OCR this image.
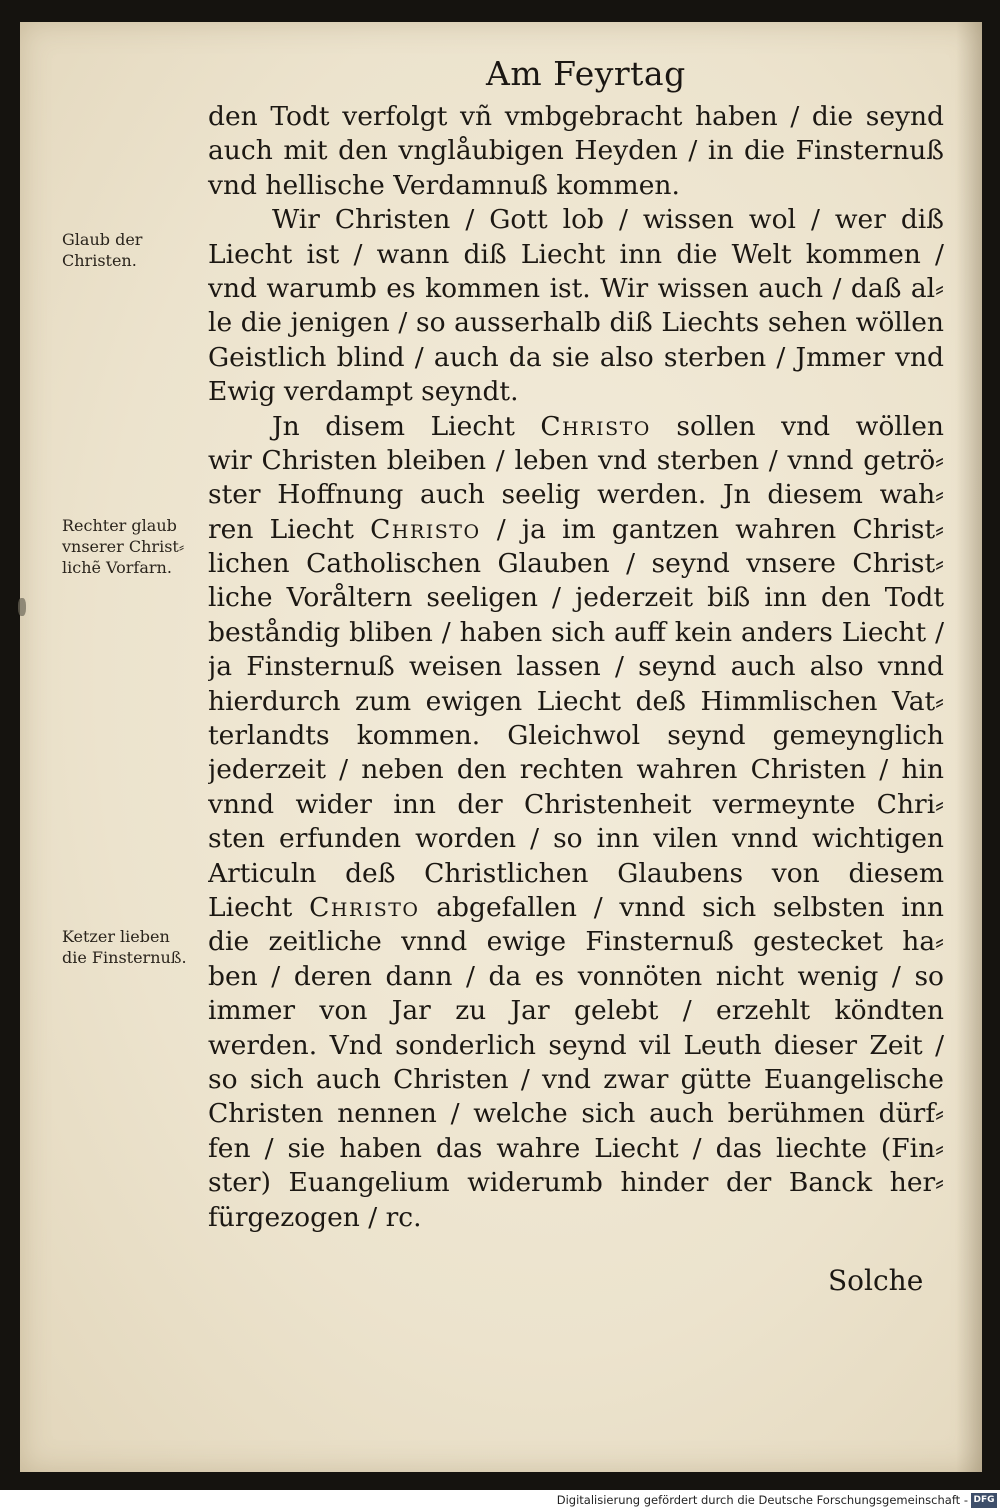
Am Feyrtag
Glaub der
Christen.
Rechter glaub
vnserer Christ⸗
lichẽ Vorfarn.
Ketzer lieben
die Finsternuß.
den Todt verfolgt vñ vmbgebracht haben / die seynd
auch mit den vnglåubigen Heyden / in die Finsternuß
vnd hellische Verdamnuß kommen.
Wir Christen / Gott lob / wissen wol / wer diß
Liecht ist / wann diß Liecht inn die Welt kommen /
vnd warumb es kommen ist. Wir wissen auch / daß al⸗
le die jenigen / so ausserhalb diß Liechts sehen wöllen
Geistlich blind / auch da sie also sterben / Jmmer vnd
Ewig verdampt seyndt.
Jn disem Liecht Christo sollen vnd wöllen
wir Christen bleiben / leben vnd sterben / vnnd getrö⸗
ster Hoffnung auch seelig werden. Jn diesem wah⸗
ren Liecht Christo / ja im gantzen wahren Christ⸗
lichen Catholischen Glauben / seynd vnsere Christ⸗
liche Voråltern seeligen / jederzeit biß inn den Todt
beståndig bliben / haben sich auff kein anders Liecht /
ja Finsternuß weisen lassen / seynd auch also vnnd
hierdurch zum ewigen Liecht deß Himmlischen Vat⸗
terlandts kommen. Gleichwol seynd gemeynglich
jederzeit / neben den rechten wahren Christen / hin
vnnd wider inn der Christenheit vermeynte Chri⸗
sten erfunden worden / so inn vilen vnnd wichtigen
Articuln deß Christlichen Glaubens von diesem
Liecht Christo abgefallen / vnnd sich selbsten inn
die zeitliche vnnd ewige Finsternuß gestecket ha⸗
ben / deren dann / da es vonnöten nicht wenig / so
immer von Jar zu Jar gelebt / erzehlt köndten
werden. Vnd sonderlich seynd vil Leuth dieser Zeit /
so sich auch Christen / vnd zwar gütte Euangelische
Christen nennen / welche sich auch berühmen dürf⸗
fen / sie haben das wahre Liecht / das liechte (Fin⸗
ster) Euangelium widerumb hinder der Banck her⸗
fürgezogen / rc.
Solche
Digitalisierung gefördert durch die Deutsche Forschungsgemeinschaft - DFG
